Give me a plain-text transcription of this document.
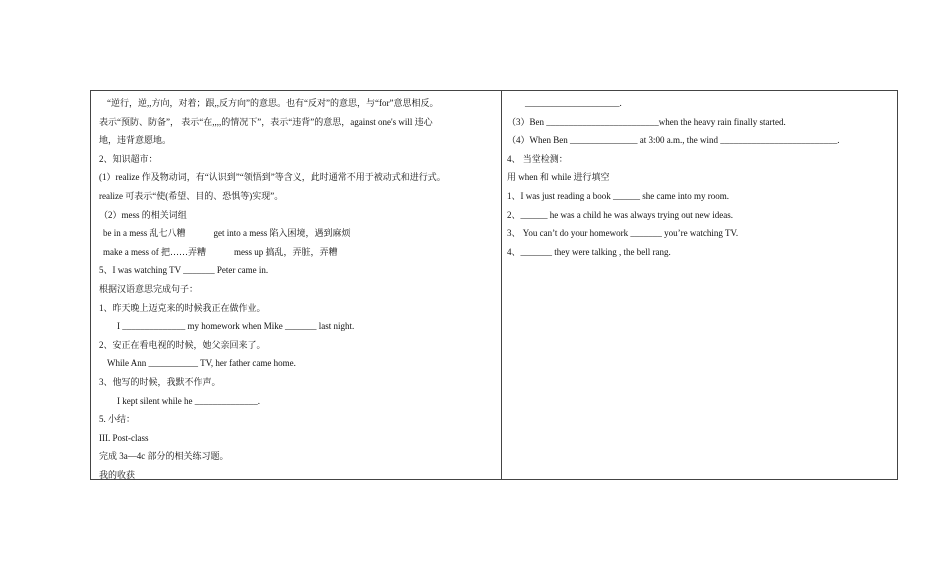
“逆行，逆,,方向，对着；跟,,反方向”的意思。也有“反对”的意思，与“for”意思相反。
表示“预防、防备”， 表示“在,,,,的情况下”，表示“违背”的意思，against one's will 违心
地，违背意愿地。
2、知识超市：
(1）realize 作及物动词，有“认识到”“领悟到”等含义，此时通常不用于被动式和进行式。
realize 可表示“使(希望、目的、恐惧等)实现”。
（2）mess 的相关词组
be in a mess 乱七八糟	get into a mess 陷入困境，遇到麻烦
make a mess of 把……弄糟	mess up 搞乱，弄脏，弄糟
5、I was watching TV _______ Peter came in.
根据汉语意思完成句子：
1、昨天晚上迈克来的时候我正在做作业。
I ______________ my homework when Mike _______ last night.
2、安正在看电视的时候，她父亲回来了。
While Ann ___________ TV, her father came home.
3、他写的时候，我默不作声。
I kept silent while he ______________.
5. 小结：
III. Post-class
完成 3a—4c 部分的相关练习题。
我的收获
_____________________.
（3）Ben _________________________when the heavy rain finally started.
（4）When Ben _______________ at 3:00 a.m., the wind __________________________.
4、 当堂检测：
用 when 和 while 进行填空
1、I was just reading a book ______ she came into my room.
2、______ he was a child he was always trying out new ideas.
3、 You can’t do your homework _______ you’re watching TV.
4、_______ they were talking , the bell rang.
